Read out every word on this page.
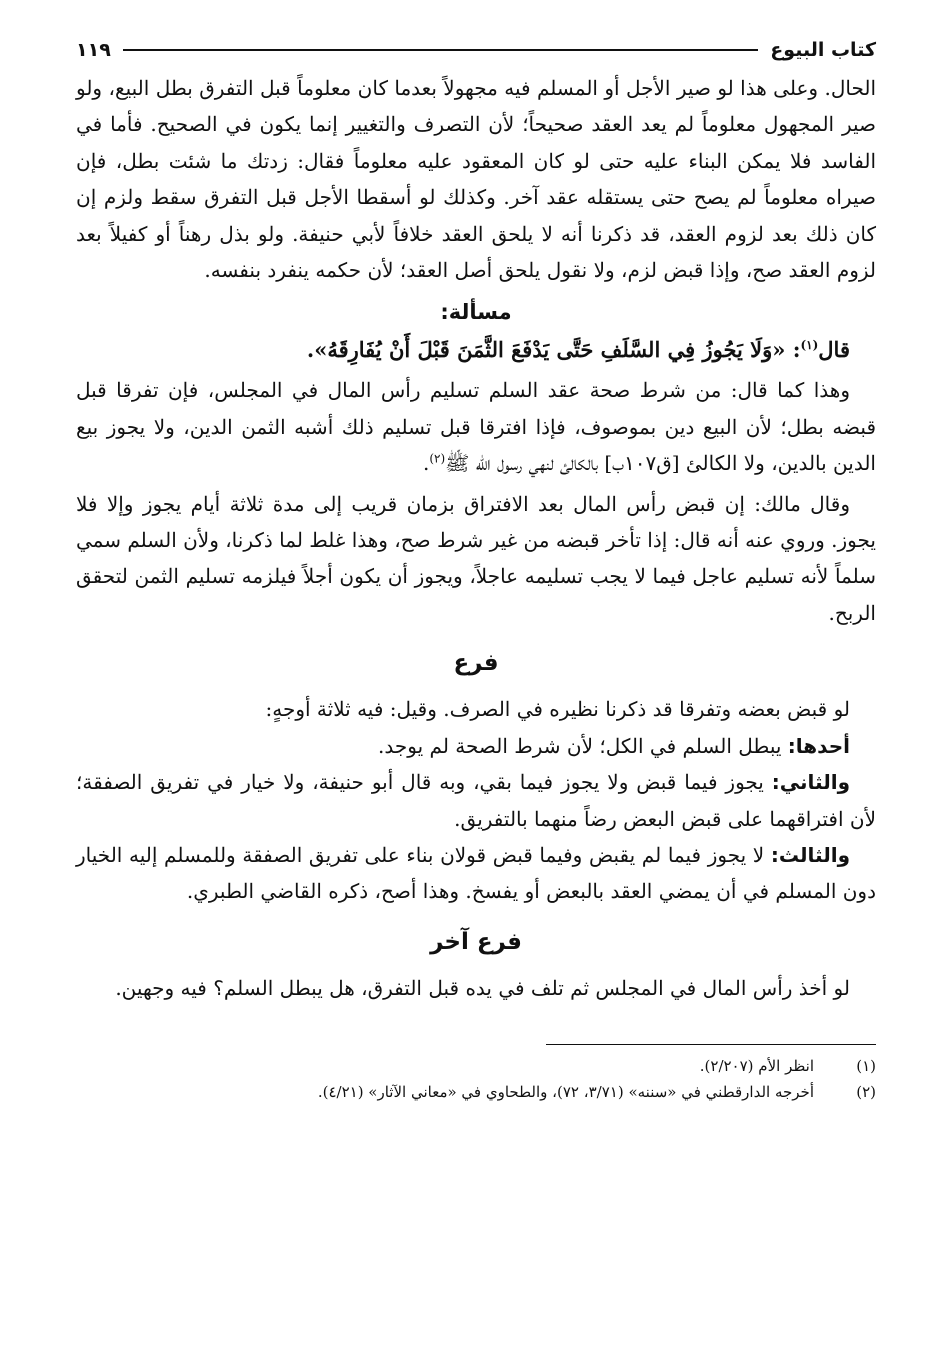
كتاب البيوع
١١٩

الحال. وعلى هذا لو صير الأجل أو المسلم فيه مجهولاً بعدما كان معلوماً قبل التفرق بطل البيع، ولو صير المجهول معلوماً لم يعد العقد صحيحاً؛ لأن التصرف والتغيير إنما يكون في الصحيح. فأما في الفاسد فلا يمكن البناء عليه حتى لو كان المعقود عليه معلوماً فقال: زدتك ما شئت بطل، فإن صيراه معلوماً لم يصح حتى يستقله عقد آخر. وكذلك لو أسقطا الأجل قبل التفرق سقط ولزم إن كان ذلك بعد لزوم العقد، قد ذكرنا أنه لا يلحق العقد خلافاً لأبي حنيفة. ولو بذل رهناً أو كفيلاً بعد لزوم العقد صح، وإذا قبض لزم، ولا نقول يلحق أصل العقد؛ لأن حكمه ينفرد بنفسه.

مسألة:

قال$^{(١)}$: «وَلَا يَجُوزُ فِي السَّلَفِ حَتَّى يَدْفَعَ الثَّمَنَ قَبْلَ أَنْ يُفَارِقَهُ».

وهذا كما قال: من شرط صحة عقد السلم تسليم رأس المال في المجلس، فإن تفرقا قبل قبضه بطل؛ لأن البيع دين بموصوف، فإذا افترقا قبل تسليم ذلك أشبه الثمن الدين، ولا يجوز بيع الدين بالدين، ولا الكالئ [ق١٠٧ب] بالكالئ لنهي رسول الله ﷺ$^{(٢)}$.

وقال مالك: إن قبض رأس المال بعد الافتراق بزمان قريب إلى مدة ثلاثة أيام يجوز وإلا فلا يجوز. وروي عنه أنه قال: إذا تأخر قبضه من غير شرط صح، وهذا غلط لما ذكرنا، ولأن السلم سمي سلماً لأنه تسليم عاجل فيما لا يجب تسليمه عاجلاً، ويجوز أن يكون أجلاً فيلزمه تسليم الثمن لتحقق الربح.

فرع

لو قبض بعضه وتفرقا قد ذكرنا نظيره في الصرف. وقيل: فيه ثلاثة أوجهٍ:

أحدها: يبطل السلم في الكل؛ لأن شرط الصحة لم يوجد.

والثاني: يجوز فيما قبض ولا يجوز فيما بقي، وبه قال أبو حنيفة، ولا خيار في تفريق الصفقة؛ لأن افتراقهما على قبض البعض رضاً منهما بالتفريق.

والثالث: لا يجوز فيما لم يقبض وفيما قبض قولان بناء على تفريق الصفقة وللمسلم إليه الخيار دون المسلم في أن يمضي العقد بالبعض أو يفسخ. وهذا أصح، ذكره القاضي الطبري.

فرع آخر

لو أخذ رأس المال في المجلس ثم تلف في يده قبل التفرق، هل يبطل السلم؟ فيه وجهين.

(١)
انظر الأم (٢/٢٠٧).
(٢)
أخرجه الدارقطني في «سننه» (٣/٧١، ٧٢)، والطحاوي في «معاني الآثار» (٤/٢١).
